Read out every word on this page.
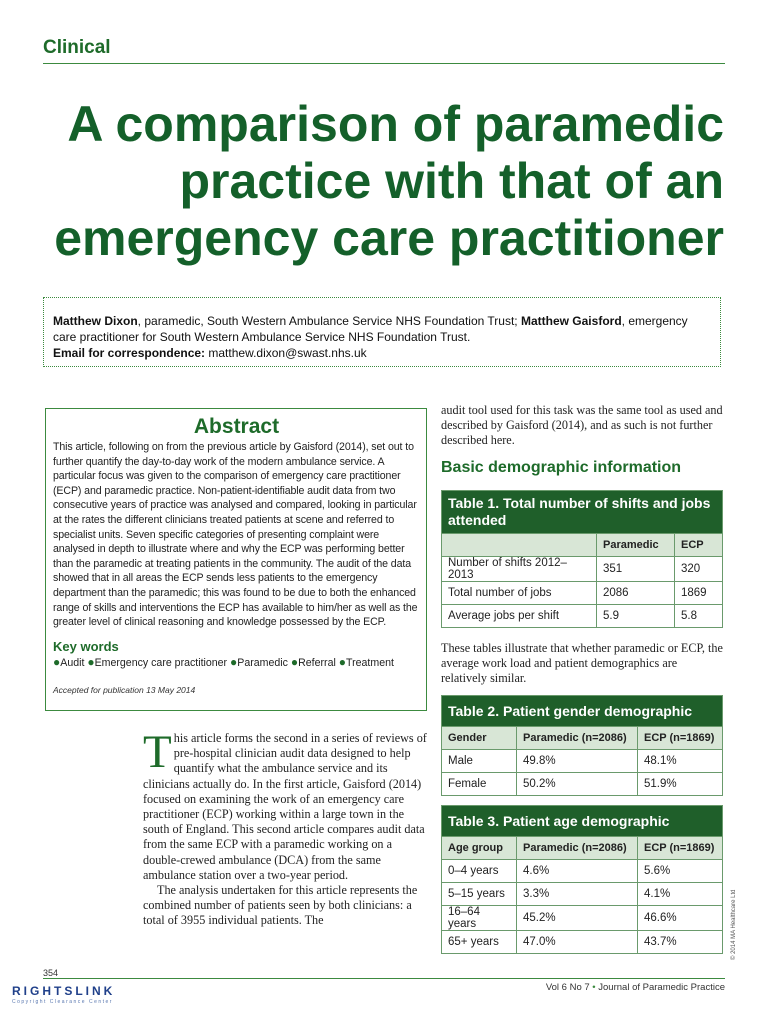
Clinical
A comparison of paramedic practice with that of an emergency care practitioner
Matthew Dixon, paramedic, South Western Ambulance Service NHS Foundation Trust; Matthew Gaisford, emergency care practitioner for South Western Ambulance Service NHS Foundation Trust.
Email for correspondence: matthew.dixon@swast.nhs.uk
Abstract

This article, following on from the previous article by Gaisford (2014), set out to further quantify the day-to-day work of the modern ambulance service. A particular focus was given to the comparison of emergency care practitioner (ECP) and paramedic practice. Non-patient-identifiable audit data from two consecutive years of practice was analysed and compared, looking in particular at the rates the different clinicians treated patients at scene and referred to specialist units. Seven specific categories of presenting complaint were analysed in depth to illustrate where and why the ECP was performing better than the paramedic at treating patients in the community. The audit of the data showed that in all areas the ECP sends less patients to the emergency department than the paramedic; this was found to be due to both the enhanced range of skills and interventions the ECP has available to him/her as well as the greater level of clinical reasoning and knowledge possessed by the ECP.

Key words
●Audit ●Emergency care practitioner ●Paramedic ●Referral ●Treatment
Accepted for publication 13 May 2014

This article forms the second in a series of reviews of pre-hospital clinician audit data designed to help quantify what the ambulance service and its clinicians actually do. In the first article, Gaisford (2014) focused on examining the work of an emergency care practitioner (ECP) working within a large town in the south of England. This second article compares audit data from the same ECP with a paramedic working on a double-crewed ambulance (DCA) from the same ambulance station over a two-year period.

The analysis undertaken for this article represents the combined number of patients seen by both clinicians: a total of 3955 individual patients. The

audit tool used for this task was the same tool as used and described by Gaisford (2014), and as such is not further described here.

Basic demographic information
Table 1. Total number of shifts and jobs attended		
	Paramedic	ECP
Number of shifts 2012–2013	351	320
Total number of jobs	2086	1869
Average jobs per shift	5.9	5.8

These tables illustrate that whether paramedic or ECP, the average work load and patient demographics are relatively similar.

Table 2. Patient gender demographic		
Gender	Paramedic (n=2086)	ECP (n=1869)
Male	49.8%	48.1%
Female	50.2%	51.9%
Table 3. Patient age demographic		
Age group	Paramedic (n=2086)	ECP (n=1869)
0–4 years	4.6%	5.6%
5–15 years	3.3%	4.1%
16–64 years	45.2%	46.6%
65+ years	47.0%	43.7%	© 2014 MA Healthcare Ltd
354
RIGHTSLINK
Copyright Clearance Center
Vol 6 No 7 • Journal of Paramedic Practice
